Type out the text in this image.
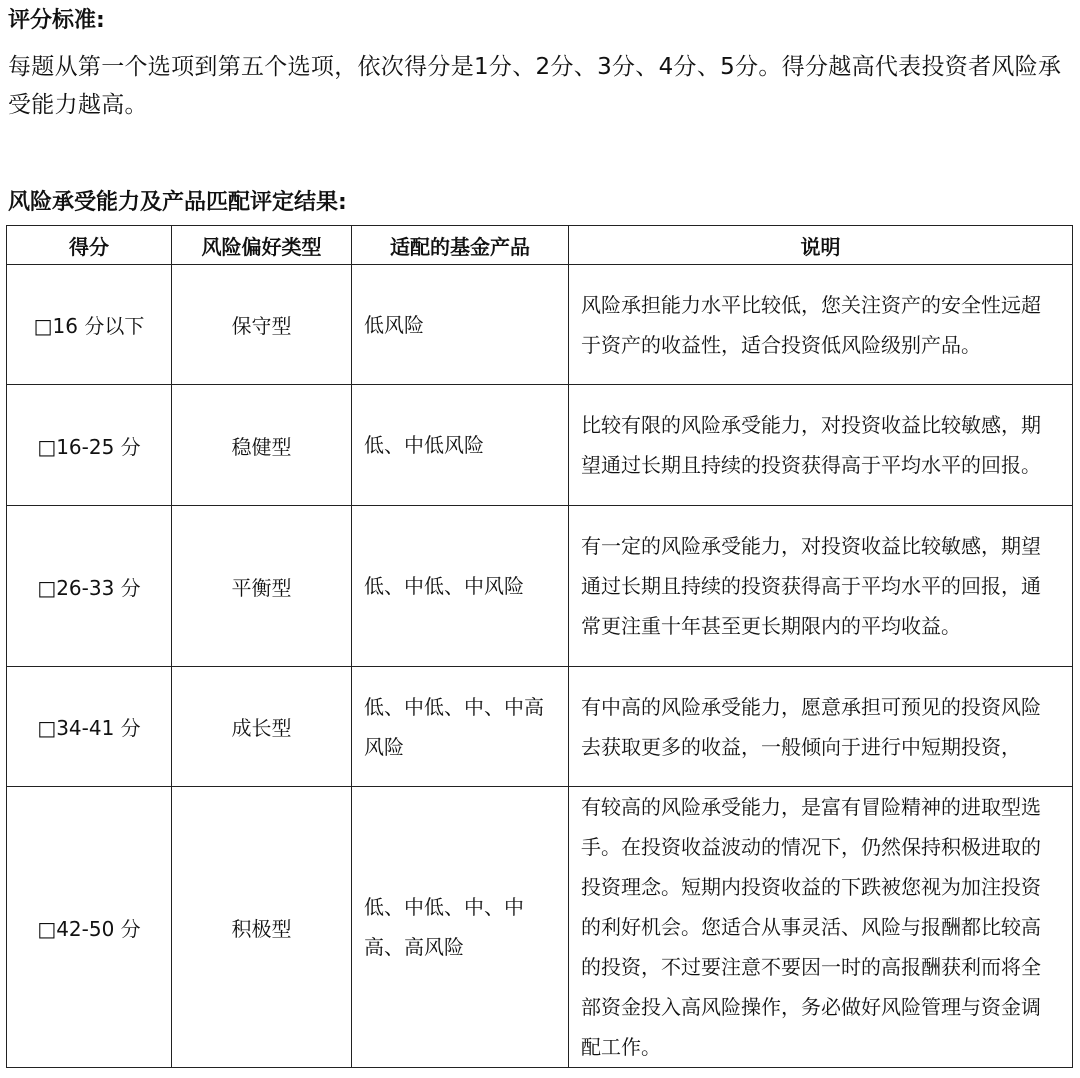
评分标准:
每题从第一个选项到第五个选项，依次得分是1分、2分、3分、4分、5分。得分越高代表投资者风险承受能力越高。
风险承受能力及产品匹配评定结果:
得分	风险偏好类型	适配的基金产品	说明
□16 分以下	保守型	低风险	风险承担能力水平比较低，您关注资产的安全性远超于资产的收益性，适合投资低风险级别产品。
□16-25 分	稳健型	低、中低风险	比较有限的风险承受能力，对投资收益比较敏感，期望通过长期且持续的投资获得高于平均水平的回报。
□26-33 分	平衡型	低、中低、中风险	有一定的风险承受能力，对投资收益比较敏感，期望通过长期且持续的投资获得高于平均水平的回报，通常更注重十年甚至更长期限内的平均收益。
□34-41 分	成长型	低、中低、中、中高风险	有中高的风险承受能力，愿意承担可预见的投资风险去获取更多的收益，一般倾向于进行中短期投资，
□42-50 分	积极型	低、中低、中、中高、高风险	有较高的风险承受能力，是富有冒险精神的进取型选手。在投资收益波动的情况下，仍然保持积极进取的投资理念。短期内投资收益的下跌被您视为加注投资的利好机会。您适合从事灵活、风险与报酬都比较高的投资，不过要注意不要因一时的高报酬获利而将全部资金投入高风险操作，务必做好风险管理与资金调配工作。
